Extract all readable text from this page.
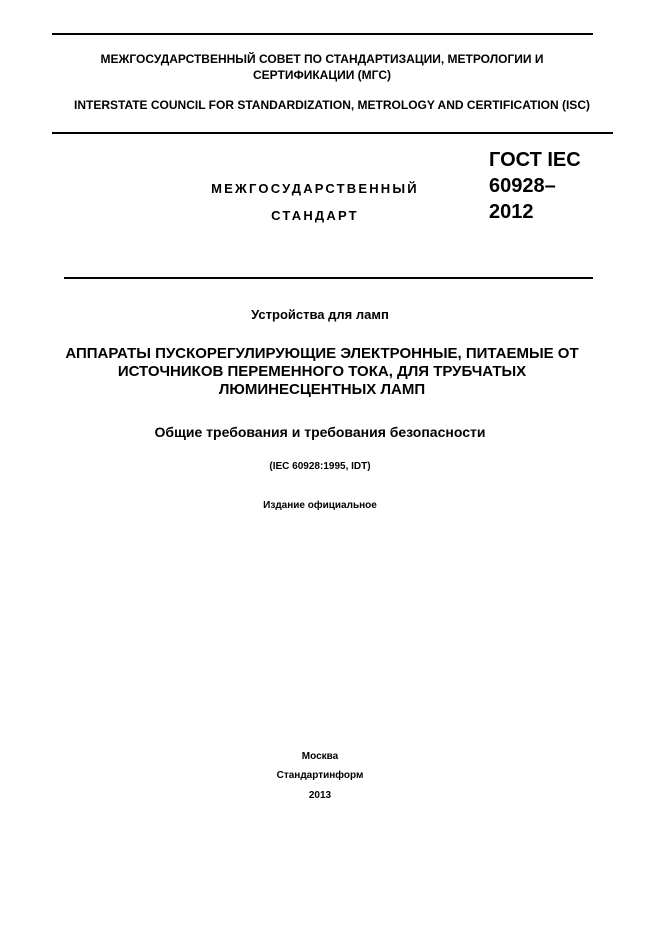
МЕЖГОСУДАРСТВЕННЫЙ СОВЕТ ПО СТАНДАРТИЗАЦИИ, МЕТРОЛОГИИ И СЕРТИФИКАЦИИ (МГС)
INTERSTATE COUNCIL FOR STANDARDIZATION, METROLOGY AND CERTIFICATION (ISC)
МЕЖГОСУДАРСТВЕННЫЙ
СТАНДАРТ
ГОСТ IEC 60928–2012
Устройства для ламп
АППАРАТЫ ПУСКОРЕГУЛИРУЮЩИЕ ЭЛЕКТРОННЫЕ, ПИТАЕМЫЕ ОТ ИСТОЧНИКОВ ПЕРЕМЕННОГО ТОКА, ДЛЯ ТРУБЧАТЫХ ЛЮМИНЕСЦЕНТНЫХ ЛАМП
Общие требования и требования безопасности
(IEC 60928:1995, IDT)
Издание официальное
Москва
Стандартинформ
2013
